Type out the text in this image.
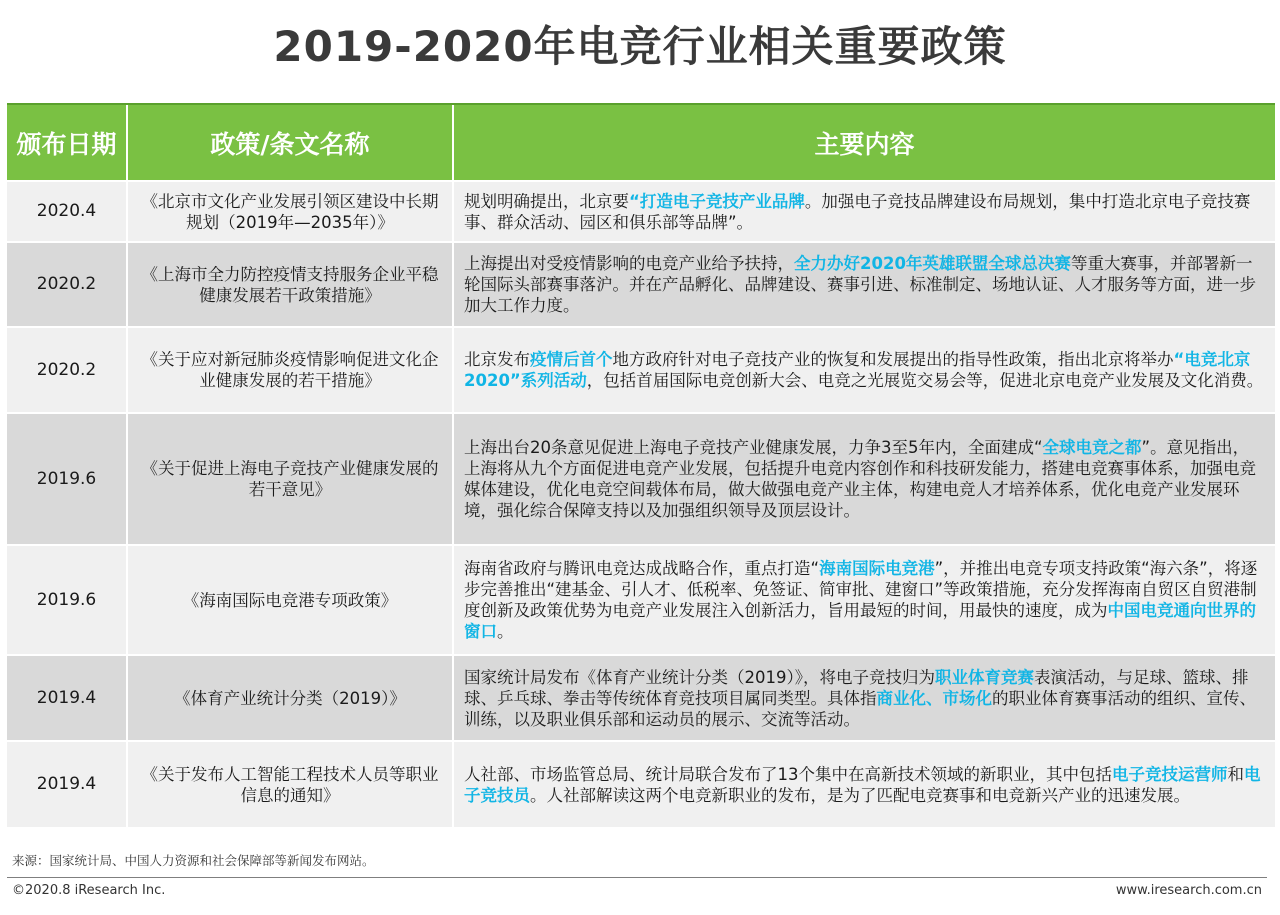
2019-2020年电竞行业相关重要政策
颁布日期	政策/条文名称	主要内容
2020.4	《北京市文化产业发展引领区建设中长期规划（2019年—2035年）》	规划明确提出，北京要“打造电子竞技产业品牌。加强电子竞技品牌建设布局规划，集中打造北京电子竞技赛事、群众活动、园区和俱乐部等品牌”。
2020.2	《上海市全力防控疫情支持服务企业平稳健康发展若干政策措施》	上海提出对受疫情影响的电竞产业给予扶持，全力办好2020年英雄联盟全球总决赛等重大赛事，并部署新一轮国际头部赛事落沪。并在产品孵化、品牌建设、赛事引进、标准制定、场地认证、人才服务等方面，进一步加大工作力度。
2020.2	《关于应对新冠肺炎疫情影响促进文化企业健康发展的若干措施》	北京发布疫情后首个地方政府针对电子竞技产业的恢复和发展提出的指导性政策，指出北京将举办“电竞北京2020”系列活动，包括首届国际电竞创新大会、电竞之光展览交易会等，促进北京电竞产业发展及文化消费。
2019.6	《关于促进上海电子竞技产业健康发展的若干意见》	上海出台20条意见促进上海电子竞技产业健康发展，力争3至5年内，全面建成“全球电竞之都”。意见指出，上海将从九个方面促进电竞产业发展，包括提升电竞内容创作和科技研发能力，搭建电竞赛事体系，加强电竞媒体建设，优化电竞空间载体布局，做大做强电竞产业主体，构建电竞人才培养体系，优化电竞产业发展环境，强化综合保障支持以及加强组织领导及顶层设计。
2019.6	《海南国际电竞港专项政策》	海南省政府与腾讯电竞达成战略合作，重点打造“海南国际电竞港”，并推出电竞专项支持政策“海六条”，将逐步完善推出“建基金、引人才、低税率、免签证、简审批、建窗口”等政策措施，充分发挥海南自贸区自贸港制度创新及政策优势为电竞产业发展注入创新活力，旨用最短的时间，用最快的速度，成为中国电竞通向世界的窗口。
2019.4	《体育产业统计分类（2019）》	国家统计局发布《体育产业统计分类（2019）》，将电子竞技归为职业体育竞赛表演活动，与足球、篮球、排球、乒乓球、拳击等传统体育竞技项目属同类型。具体指商业化、市场化的职业体育赛事活动的组织、宣传、训练，以及职业俱乐部和运动员的展示、交流等活动。
2019.4	《关于发布人工智能工程技术人员等职业信息的通知》	人社部、市场监管总局、统计局联合发布了13个集中在高新技术领域的新职业，其中包括电子竞技运营师和电子竞技员。人社部解读这两个电竞新职业的发布，是为了匹配电竞赛事和电竞新兴产业的迅速发展。
来源：国家统计局、中国人力资源和社会保障部等新闻发布网站。
©2020.8 iResearch Inc.	www.iresearch.com.cn
